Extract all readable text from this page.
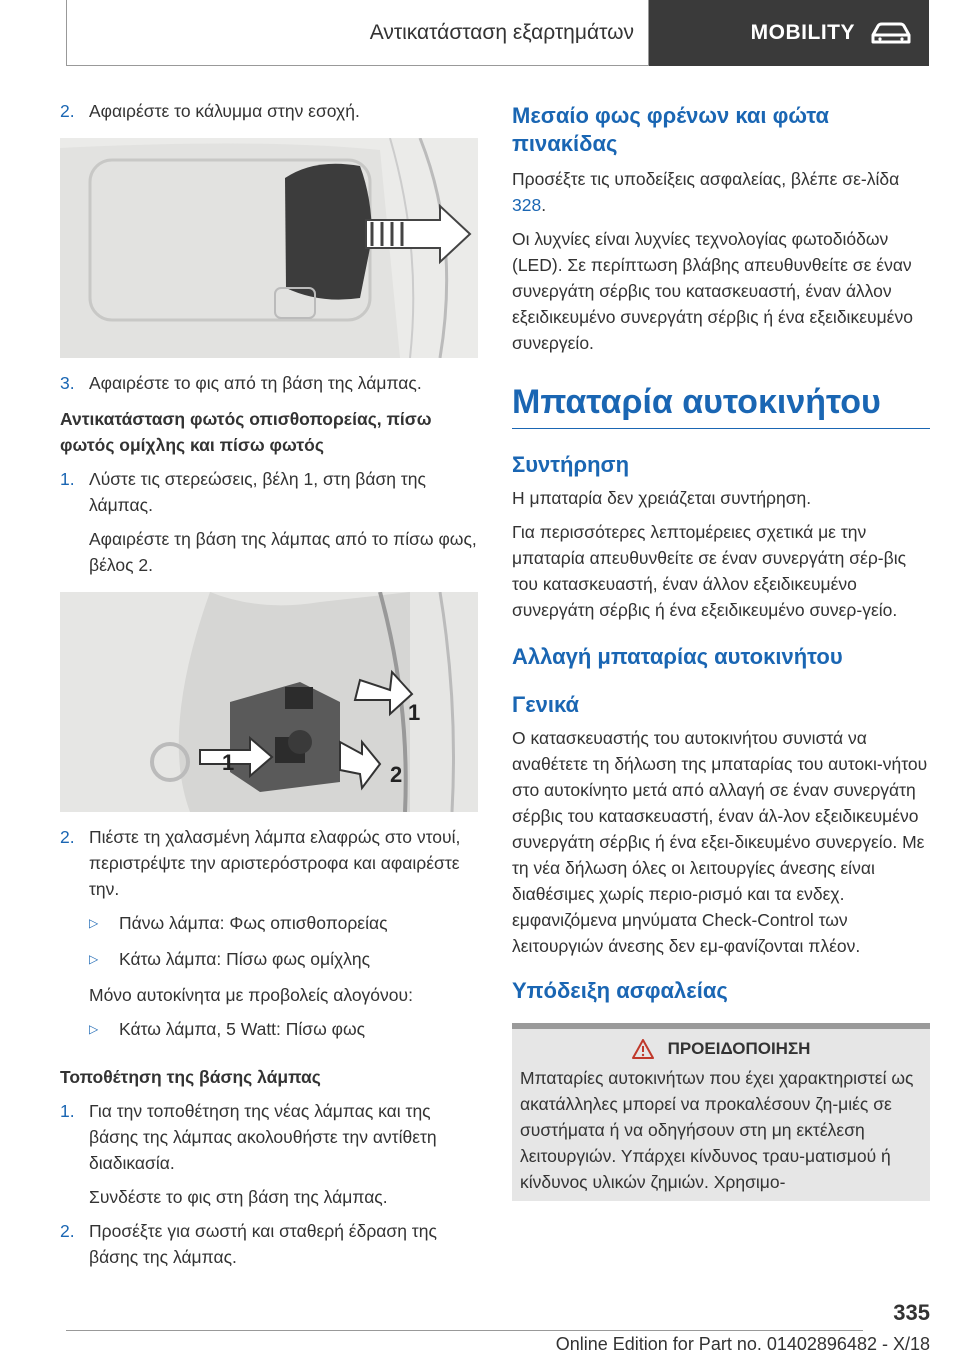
Αντικατάσταση εξαρτημάτων	MOBILITY
2. Αφαιρέστε το κάλυμμα στην εσοχή.

3. Αφαιρέστε το φις από τη βάση της λάμπας.

Αντικατάσταση φωτός οπισθοπορείας, πίσω φωτός ομίχλης και πίσω φωτός
1. Λύστε τις στερεώσεις, βέλη 1, στη βάση της λάμπας.

Αφαιρέστε τη βάση της λάμπας από το πίσω φως, βέλος 2.

1
1	2
2. Πιέστε τη χαλασμένη λάμπα ελαφρώς στο ντουί, περιστρέψτε την αριστερόστροφα και αφαιρέστε την.

▷	Πάνω λάμπα: Φως οπισθοπορείας
▷	Κάτω λάμπα: Πίσω φως ομίχλης

Μόνο αυτοκίνητα με προβολείς αλογόνου:

▷	Κάτω λάμπα, 5 Watt: Πίσω φως
Τοποθέτηση της βάσης λάμπας
1. Για την τοποθέτηση της νέας λάμπας και της βάσης της λάμπας ακολουθήστε την αντίθετη διαδικασία.

Συνδέστε το φις στη βάση της λάμπας.

2. Προσέξτε για σωστή και σταθερή έδραση της βάσης της λάμπας.

Μεσαίο φως φρένων και φώτα πινακίδας

Προσέξτε τις υποδείξεις ασφαλείας, βλέπε σε-λίδα 328.

Οι λυχνίες είναι λυχνίες τεχνολογίας φωτοδιόδων (LED). Σε περίπτωση βλάβης απευθυνθείτε σε έναν συνεργάτη σέρβις του κατασκευαστή, έναν άλλον εξειδικευμένο συνεργάτη σέρβις ή ένα εξειδικευμένο συνεργείο.

Μπαταρία αυτοκινήτου
Συντήρηση

Η μπαταρία δεν χρειάζεται συντήρηση.

Για περισσότερες λεπτομέρειες σχετικά με την μπαταρία απευθυνθείτε σε έναν συνεργάτη σέρ-βις του κατασκευαστή, έναν άλλον εξειδικευμένο συνεργάτη σέρβις ή ένα εξειδικευμένο συνερ-γείο.

Αλλαγή μπαταρίας αυτοκινήτου
Γενικά

Ο κατασκευαστής του αυτοκινήτου συνιστά να αναθέτετε τη δήλωση της μπαταρίας του αυτοκι-νήτου στο αυτοκίνητο μετά από αλλαγή σε έναν συνεργάτη σέρβις του κατασκευαστή, έναν άλ-λον εξειδικευμένο συνεργάτη σέρβις ή ένα εξει-δικευμένο συνεργείο. Με τη νέα δήλωση όλες οι λειτουργίες άνεσης είναι διαθέσιμες χωρίς περιο-ρισμό και τα ενδεχ. εμφανιζόμενα μηνύματα Check-Control των λειτουργιών άνεσης δεν εμ-φανίζονται πλέον.

Υπόδειξη ασφαλείας
ΠΡΟΕΙΔΟΠΟΙΗΣΗ

Μπαταρίες αυτοκινήτων που έχει χαρακτηριστεί ως ακατάλληλες μπορεί να προκαλέσουν ζη-μιές σε συστήματα ή να οδηγήσουν στη μη εκτέλεση λειτουργιών. Υπάρχει κίνδυνος τραυ-ματισμού ή κίνδυνος υλικών ζημιών. Χρησιμο-

335
Online Edition for Part no. 01402896482 - X/18
